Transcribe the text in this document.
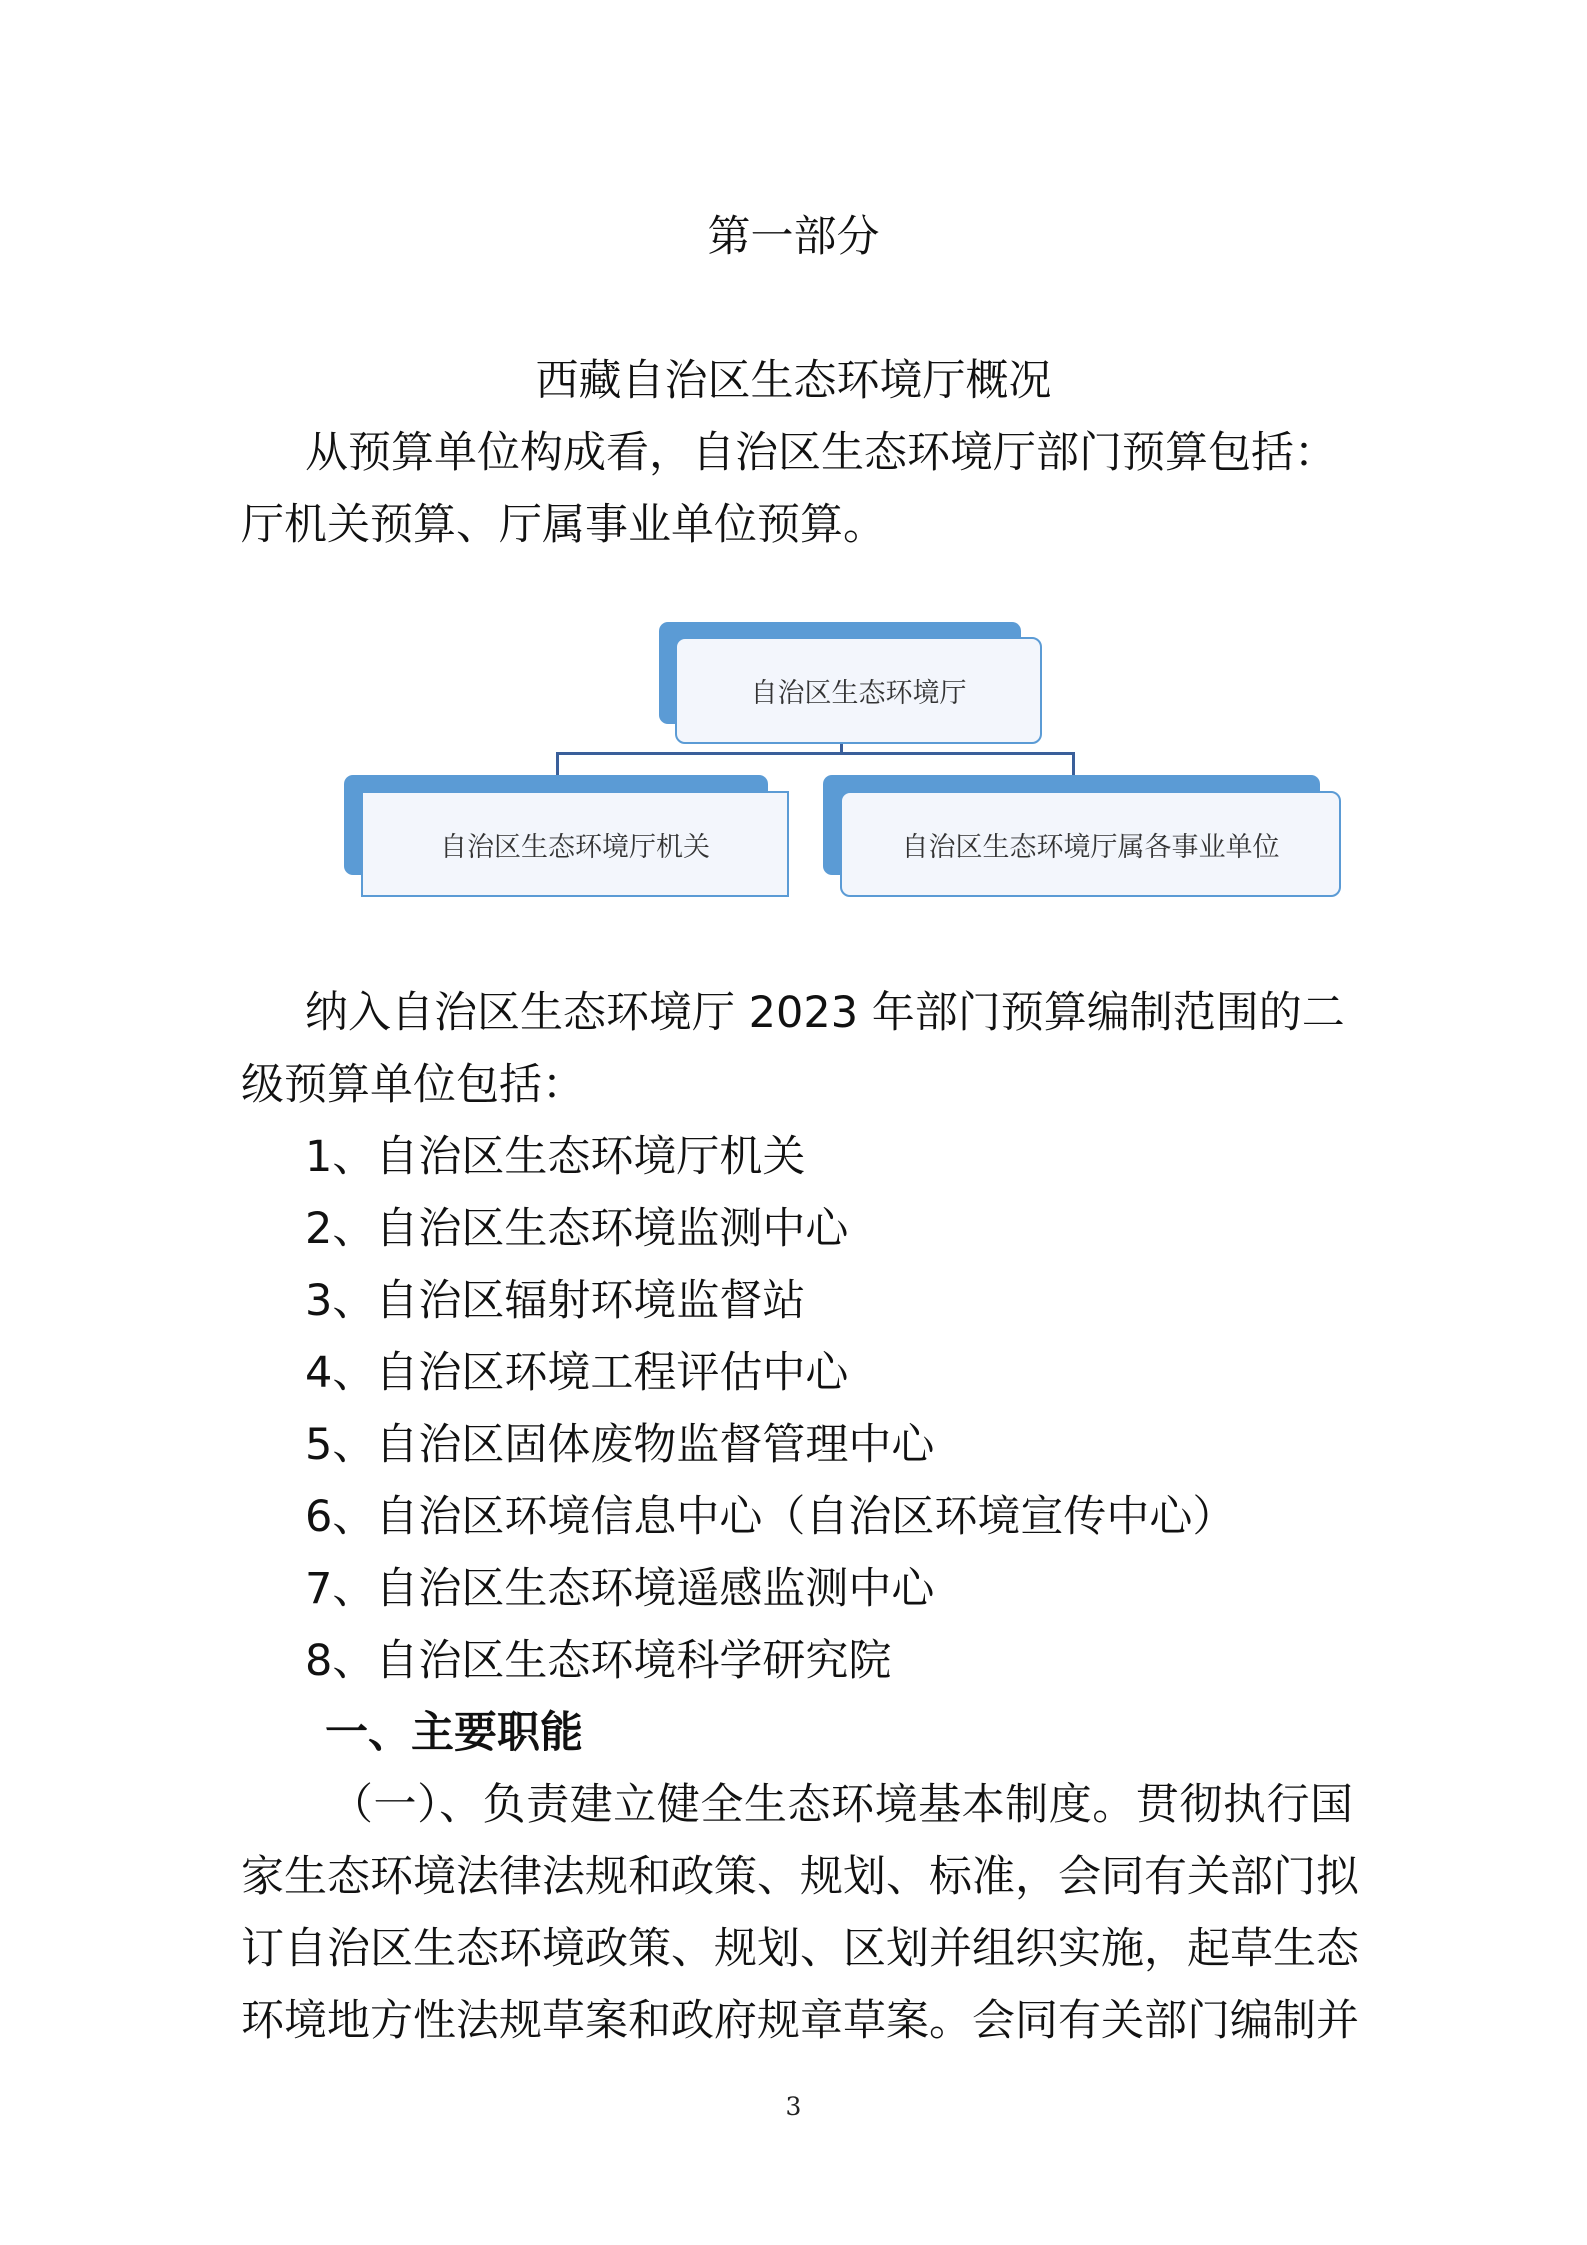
第一部分
西藏自治区生态环境厅概况
从预算单位构成看，自治区生态环境厅部门预算包括：
厅机关预算、厅属事业单位预算。
自治区生态环境厅
自治区生态环境厅机关	自治区生态环境厅属各事业单位
纳入自治区生态环境厅 2023 年部门预算编制范围的二
级预算单位包括：
1、自治区生态环境厅机关
2、自治区生态环境监测中心
3、自治区辐射环境监督站
4、自治区环境工程评估中心
5、自治区固体废物监督管理中心
6、自治区环境信息中心（自治区环境宣传中心）
7、自治区生态环境遥感监测中心
8、自治区生态环境科学研究院
一、主要职能
（一）、负责建立健全生态环境基本制度。贯彻执行国
家生态环境法律法规和政策、规划、标准，会同有关部门拟
订自治区生态环境政策、规划、区划并组织实施，起草生态
环境地方性法规草案和政府规章草案。会同有关部门编制并
3
